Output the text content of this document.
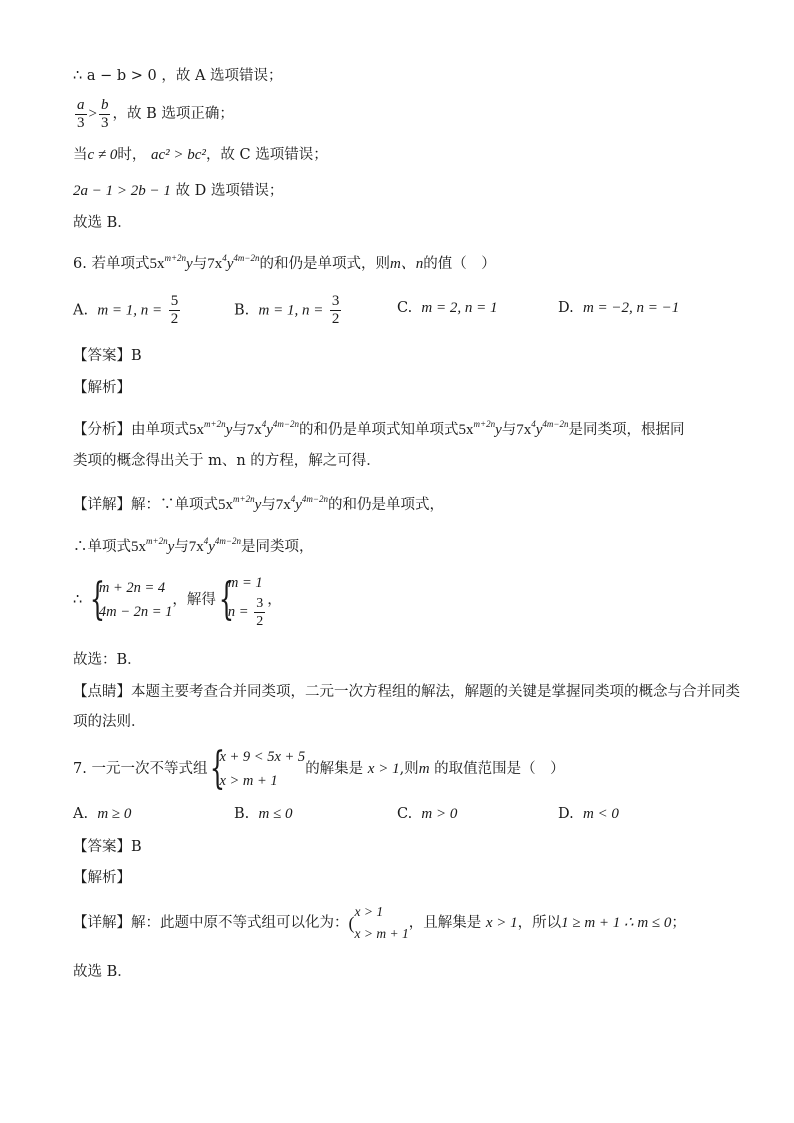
∴ a − b > 0 ，故 A 选项错误；
$\frac{a}{3} > \frac{b}{3}$ ，故 B 选项正确；
当c ≠ 0时， ac² > bc²，故 C 选项错误；
2a − 1 > 2b − 1 故 D 选项错误；
故选 B．
6. 若单项式$5x^{m+2n}y$与$7x^4y^{4m-2n}$的和仍是单项式，则m、n的值（　）
A. m = 1, $n = \frac{5}{2}$	B. m = 1, $n = \frac{3}{2}$	C. m = 2, n = 1	D. m = −2, n = −1
【答案】B
【解析】
【分析】由单项式$5x^{m+2n}y$与$7x^4y^{4m-2n}$的和仍是单项式知单项式$5x^{m+2n}y$与$7x^4y^{4m-2n}$是同类项，根据同
类项的概念得出关于 m、n 的方程，解之可得．
【详解】解：∵单项式$5x^{m+2n}y$与$7x^4y^{4m-2n}$的和仍是单项式，
∴单项式$5x^{m+2n}y$与$7x^4y^{4m-2n}$是同类项，
∴ {
m + 2n = 4
4m − 2n = 1
，解得 {
m = 1
$n = \frac{3}{2}$ ，
故选：B．
【点睛】本题主要考查合并同类项，二元一次方程组的解法，解题的关键是掌握同类项的概念与合并同类
项的法则．
7. 一元一次不等式组 {
x + 9 < 5x + 5
x > m + 1
的解集是 x > 1,则m 的取值范围是（　）
A. m ≥ 0	B. m ≤ 0	C. m > 0	D. m < 0
【答案】B
【解析】
【详解】解：此题中原不等式组可以化为： (
x > 1
x > m + 1
，且解集是 x > 1，所以1 ≥ m + 1 ∴ m ≤ 0；
故选 B．
